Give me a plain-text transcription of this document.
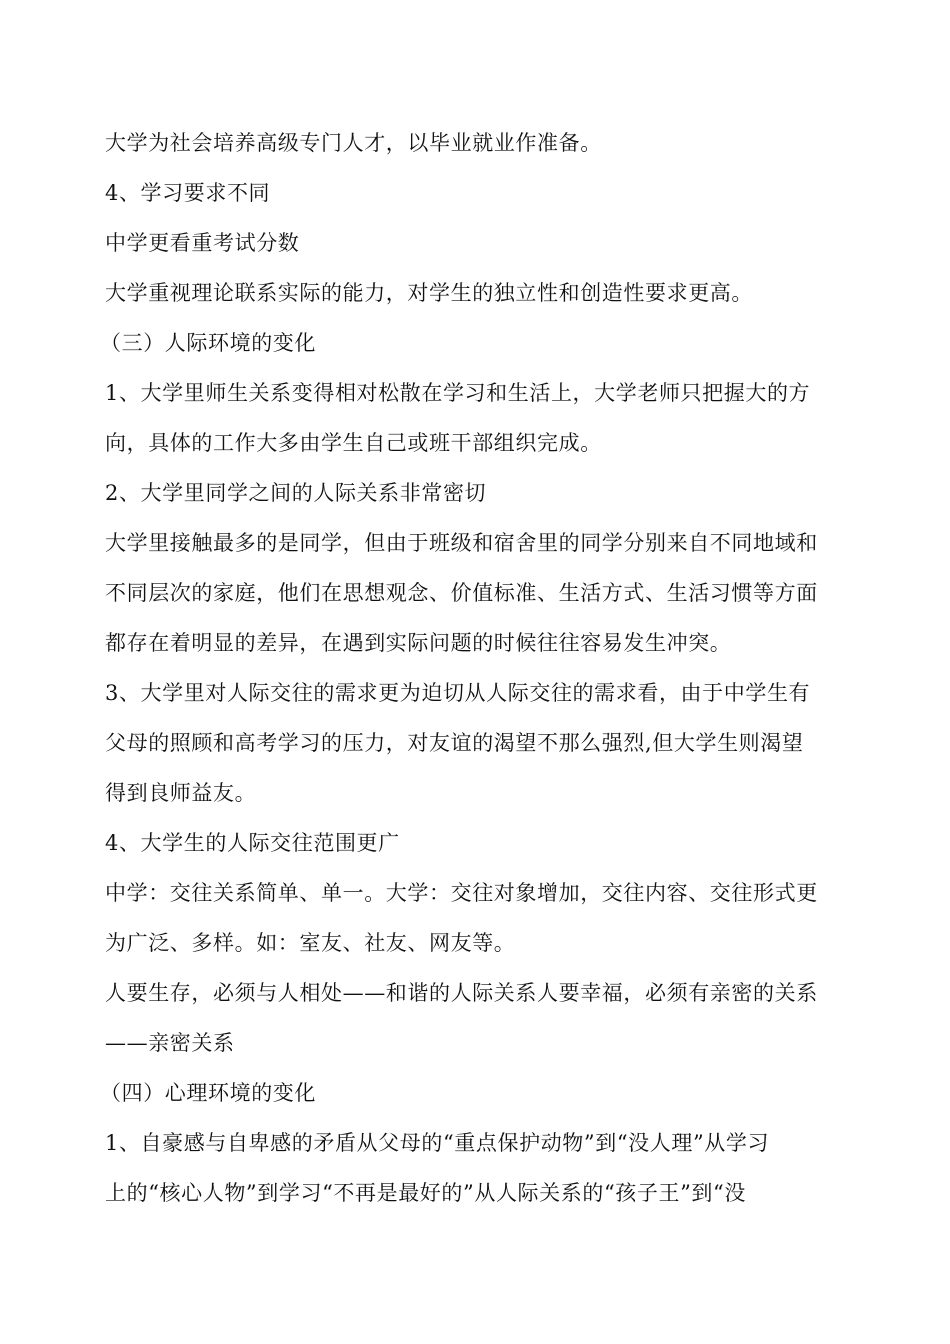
大学为社会培养高级专门人才，以毕业就业作准备。
4、学习要求不同
中学更看重考试分数
大学重视理论联系实际的能力，对学生的独立性和创造性要求更高。
（三）人际环境的变化
1、大学里师生关系变得相对松散在学习和生活上，大学老师只把握大的方
向，具体的工作大多由学生自己或班干部组织完成。
2、大学里同学之间的人际关系非常密切
大学里接触最多的是同学，但由于班级和宿舍里的同学分别来自不同地域和
不同层次的家庭，他们在思想观念、价值标准、生活方式、生活习惯等方面
都存在着明显的差异，在遇到实际问题的时候往往容易发生冲突。
3、大学里对人际交往的需求更为迫切从人际交往的需求看，由于中学生有
父母的照顾和高考学习的压力，对友谊的渴望不那么强烈,但大学生则渴望
得到良师益友。
4、大学生的人际交往范围更广
中学：交往关系简单、单一。大学：交往对象增加，交往内容、交往形式更
为广泛、多样。如：室友、社友、网友等。
人要生存，必须与人相处——和谐的人际关系人要幸福，必须有亲密的关系
——亲密关系
（四）心理环境的变化
1、自豪感与自卑感的矛盾从父母的“重点保护动物”到“没人理”从学习
上的“核心人物”到学习“不再是最好的”从人际关系的“孩子王”到“没
